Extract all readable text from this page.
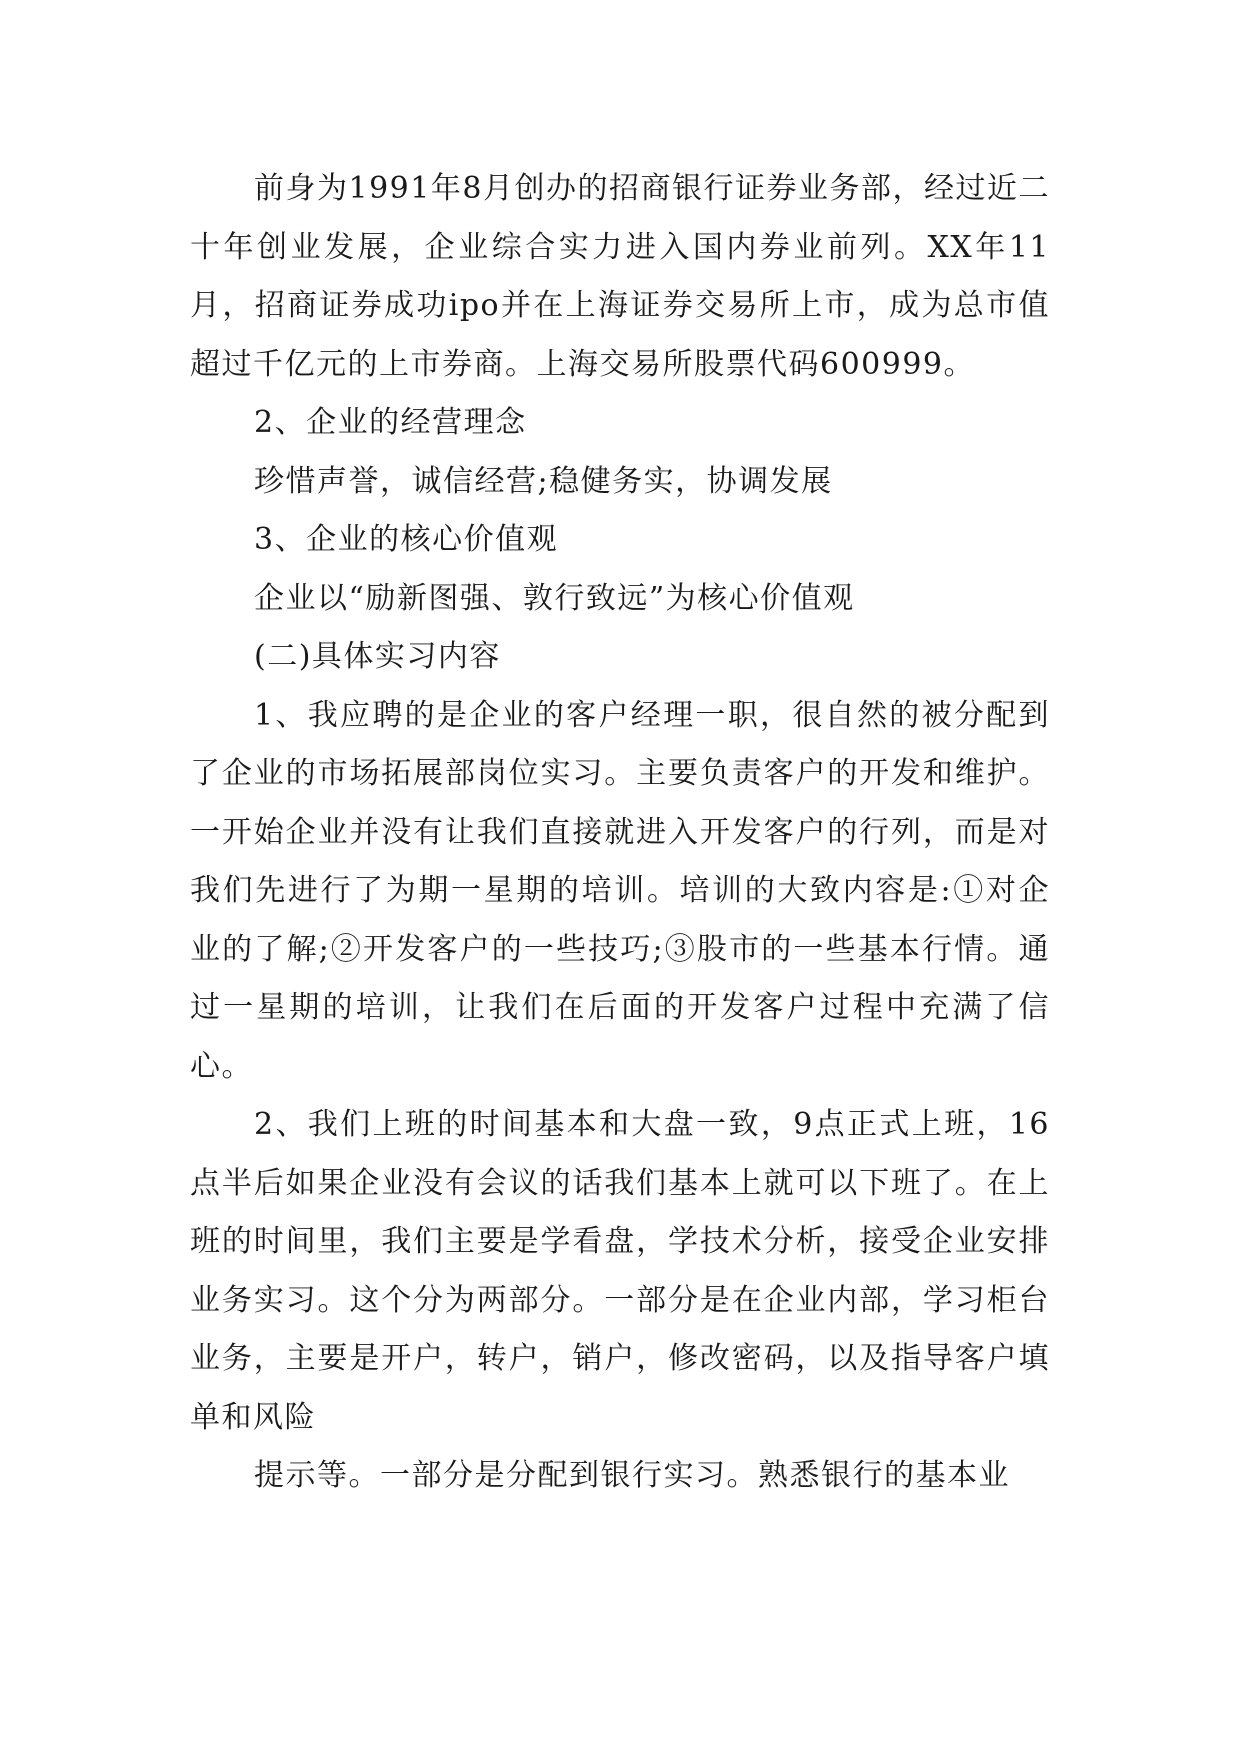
前身为1991年8月创办的招商银行证券业务部，经过近二十年创业发展，企业综合实力进入国内券业前列。XX年11月，招商证券成功ipo并在上海证券交易所上市，成为总市值超过千亿元的上市券商。上海交易所股票代码600999。

2、企业的经营理念

珍惜声誉，诚信经营;稳健务实，协调发展

3、企业的核心价值观

企业以“励新图强、敦行致远”为核心价值观

(二)具体实习内容

1、我应聘的是企业的客户经理一职，很自然的被分配到了企业的市场拓展部岗位实习。主要负责客户的开发和维护。一开始企业并没有让我们直接就进入开发客户的行列，而是对我们先进行了为期一星期的培训。培训的大致内容是:①对企业的了解;②开发客户的一些技巧;③股市的一些基本行情。通过一星期的培训，让我们在后面的开发客户过程中充满了信心。

2、我们上班的时间基本和大盘一致，9点正式上班，16点半后如果企业没有会议的话我们基本上就可以下班了。在上班的时间里，我们主要是学看盘，学技术分析，接受企业安排业务实习。这个分为两部分。一部分是在企业内部，学习柜台业务，主要是开户，转户，销户，修改密码，以及指导客户填单和风险

提示等。一部分是分配到银行实习。熟悉银行的基本业
